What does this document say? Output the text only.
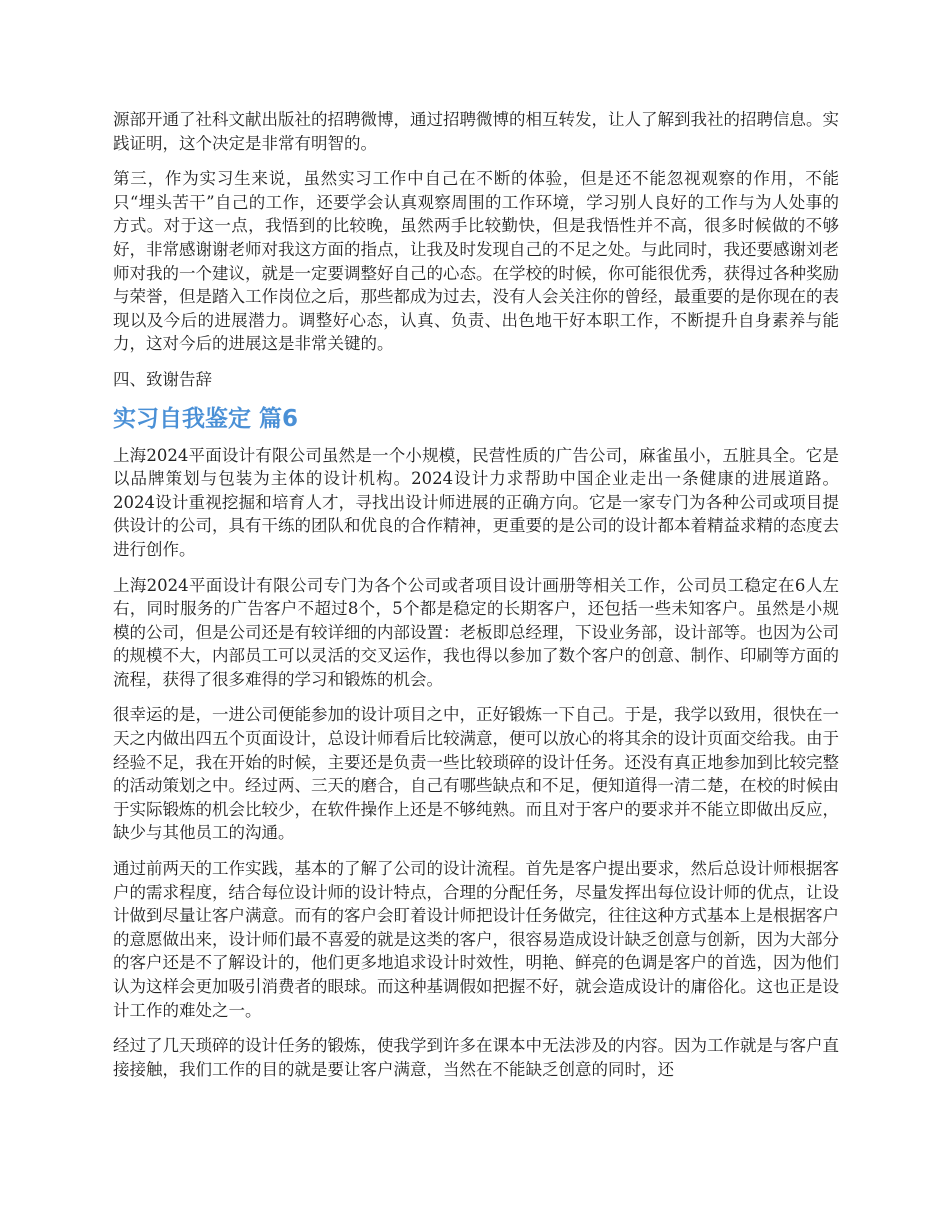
源部开通了社科文献出版社的招聘微博，通过招聘微博的相互转发，让人了解到我社的招聘信息。实践证明，这个决定是非常有明智的。

第三，作为实习生来说，虽然实习工作中自己在不断的体验，但是还不能忽视观察的作用，不能只“埋头苦干”自己的工作，还要学会认真观察周围的工作环境，学习别人良好的工作与为人处事的方式。对于这一点，我悟到的比较晚，虽然两手比较勤快，但是我悟性并不高，很多时候做的不够好，非常感谢谢老师对我这方面的指点，让我及时发现自己的不足之处。与此同时，我还要感谢刘老师对我的一个建议，就是一定要调整好自己的心态。在学校的时候，你可能很优秀，获得过各种奖励与荣誉，但是踏入工作岗位之后，那些都成为过去，没有人会关注你的曾经，最重要的是你现在的表现以及今后的进展潜力。调整好心态，认真、负责、出色地干好本职工作，不断提升自身素养与能力，这对今后的进展这是非常关键的。

四、致谢告辞

实习自我鉴定 篇6

上海2024平面设计有限公司虽然是一个小规模，民营性质的广告公司，麻雀虽小，五脏具全。它是以品牌策划与包装为主体的设计机构。2024设计力求帮助中国企业走出一条健康的进展道路。2024设计重视挖掘和培育人才，寻找出设计师进展的正确方向。它是一家专门为各种公司或项目提供设计的公司，具有干练的团队和优良的合作精神，更重要的是公司的设计都本着精益求精的态度去进行创作。

上海2024平面设计有限公司专门为各个公司或者项目设计画册等相关工作，公司员工稳定在6人左右，同时服务的广告客户不超过8个，5个都是稳定的长期客户，还包括一些未知客户。虽然是小规模的公司，但是公司还是有较详细的内部设置：老板即总经理，下设业务部，设计部等。也因为公司的规模不大，内部员工可以灵活的交叉运作，我也得以参加了数个客户的创意、制作、印刷等方面的流程，获得了很多难得的学习和锻炼的机会。

很幸运的是，一进公司便能参加的设计项目之中，正好锻炼一下自己。于是，我学以致用，很快在一天之内做出四五个页面设计，总设计师看后比较满意，便可以放心的将其余的设计页面交给我。由于经验不足，我在开始的时候，主要还是负责一些比较琐碎的设计任务。还没有真正地参加到比较完整的活动策划之中。经过两、三天的磨合，自己有哪些缺点和不足，便知道得一清二楚，在校的时候由于实际锻炼的机会比较少，在软件操作上还是不够纯熟。而且对于客户的要求并不能立即做出反应，缺少与其他员工的沟通。

通过前两天的工作实践，基本的了解了公司的设计流程。首先是客户提出要求，然后总设计师根据客户的需求程度，结合每位设计师的设计特点，合理的分配任务，尽量发挥出每位设计师的优点，让设计做到尽量让客户满意。而有的客户会盯着设计师把设计任务做完，往往这种方式基本上是根据客户的意愿做出来，设计师们最不喜爱的就是这类的客户，很容易造成设计缺乏创意与创新，因为大部分的客户还是不了解设计的，他们更多地追求设计时效性，明艳、鲜亮的色调是客户的首选，因为他们认为这样会更加吸引消费者的眼球。而这种基调假如把握不好，就会造成设计的庸俗化。这也正是设计工作的难处之一。

经过了几天琐碎的设计任务的锻炼，使我学到许多在课本中无法涉及的内容。因为工作就是与客户直接接触，我们工作的目的就是要让客户满意，当然在不能缺乏创意的同时，还
